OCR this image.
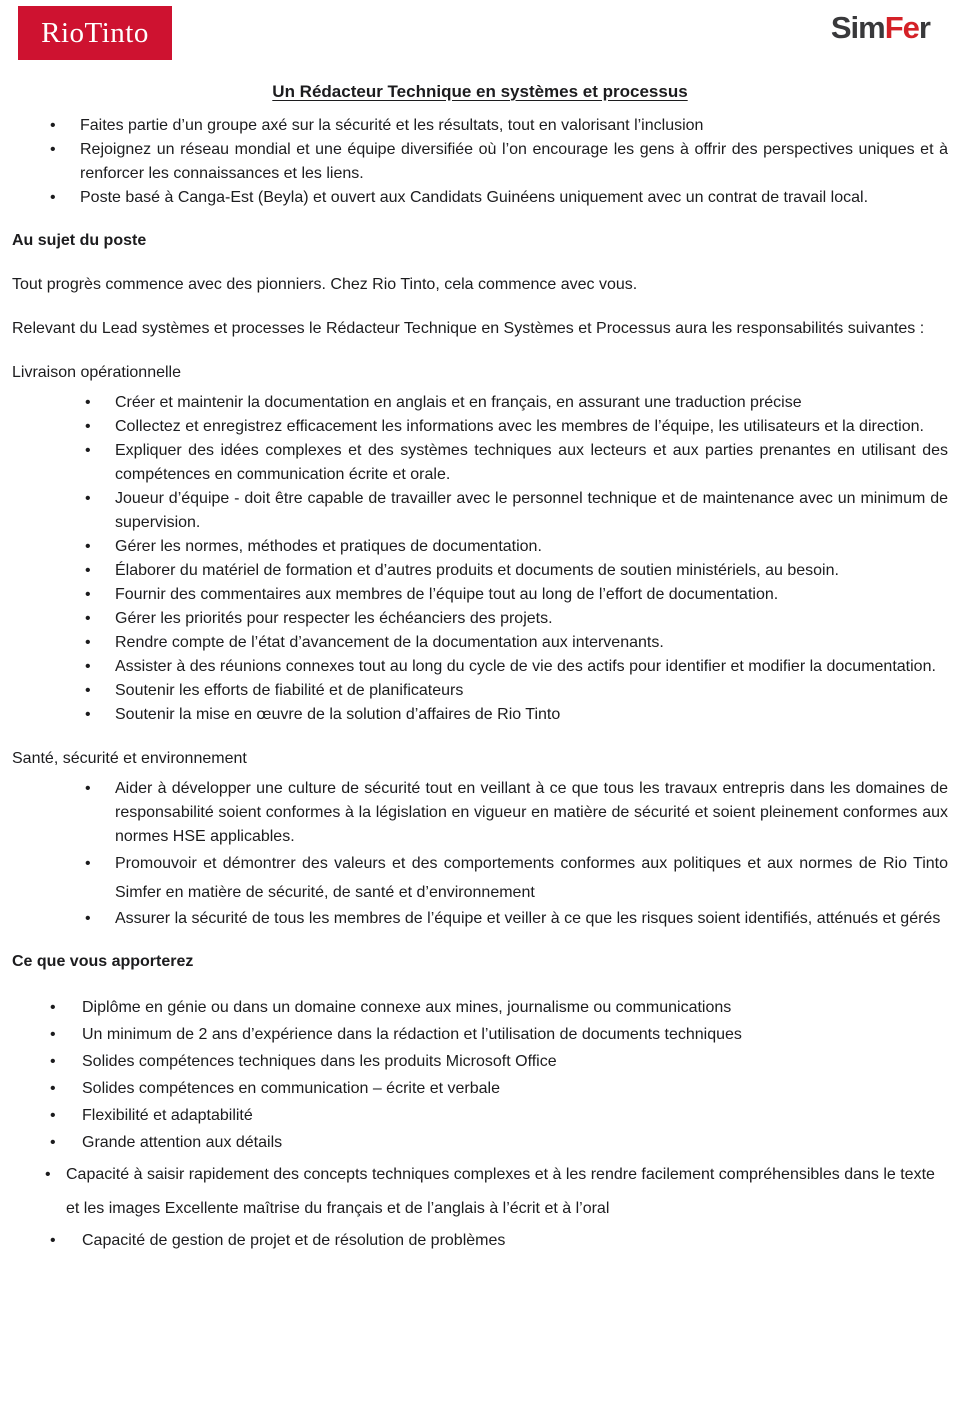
RioTinto	SimFer
Un Rédacteur Technique en systèmes et processus
•
Faites partie d’un groupe axé sur la sécurité et les résultats, tout en valorisant l’inclusion
•
Rejoignez un réseau mondial et une équipe diversifiée où l’on encourage les gens à offrir des perspectives uniques et à renforcer les connaissances et les liens.
•
Poste basé à Canga-Est (Beyla) et ouvert aux Candidats Guinéens uniquement avec un contrat de travail local.

Au sujet du poste

Tout progrès commence avec des pionniers. Chez Rio Tinto, cela commence avec vous.

Relevant du Lead systèmes et processes le Rédacteur Technique en Systèmes et Processus aura les responsabilités suivantes :

Livraison opérationnelle

•
Créer et maintenir la documentation en anglais et en français, en assurant une traduction précise
•
Collectez et enregistrez efficacement les informations avec les membres de l’équipe, les utilisateurs et la direction.
•
Expliquer des idées complexes et des systèmes techniques aux lecteurs et aux parties prenantes en utilisant des compétences en communication écrite et orale.
•
Joueur d’équipe - doit être capable de travailler avec le personnel technique et de maintenance avec un minimum de supervision.
•
Gérer les normes, méthodes et pratiques de documentation.
•
Élaborer du matériel de formation et d’autres produits et documents de soutien ministériels, au besoin.
•
Fournir des commentaires aux membres de l’équipe tout au long de l’effort de documentation.
•
Gérer les priorités pour respecter les échéanciers des projets.
•
Rendre compte de l’état d’avancement de la documentation aux intervenants.
•
Assister à des réunions connexes tout au long du cycle de vie des actifs pour identifier et modifier la documentation.
•
Soutenir les efforts de fiabilité et de planificateurs
•
Soutenir la mise en œuvre de la solution d’affaires de Rio Tinto

Santé, sécurité et environnement

•
Aider à développer une culture de sécurité tout en veillant à ce que tous les travaux entrepris dans les domaines de responsabilité soient conformes à la législation en vigueur en matière de sécurité et soient pleinement conformes aux normes HSE applicables.
•
Promouvoir et démontrer des valeurs et des comportements conformes aux politiques et aux normes de Rio Tinto Simfer en matière de sécurité, de santé et d’environnement
•
Assurer la sécurité de tous les membres de l’équipe et veiller à ce que les risques soient identifiés, atténués et gérés

Ce que vous apporterez

•
Diplôme en génie ou dans un domaine connexe aux mines, journalisme ou communications
•
Un minimum de 2 ans d’expérience dans la rédaction et l’utilisation de documents techniques
•
Solides compétences techniques dans les produits Microsoft Office
•
Solides compétences en communication – écrite et verbale
•
Flexibilité et adaptabilité
•
Grande attention aux détails
•
Capacité à saisir rapidement des concepts techniques complexes et à les rendre facilement compréhensibles dans le texte et les images Excellente maîtrise du français et de l’anglais à l’écrit et à l’oral
•
Capacité de gestion de projet et de résolution de problèmes
